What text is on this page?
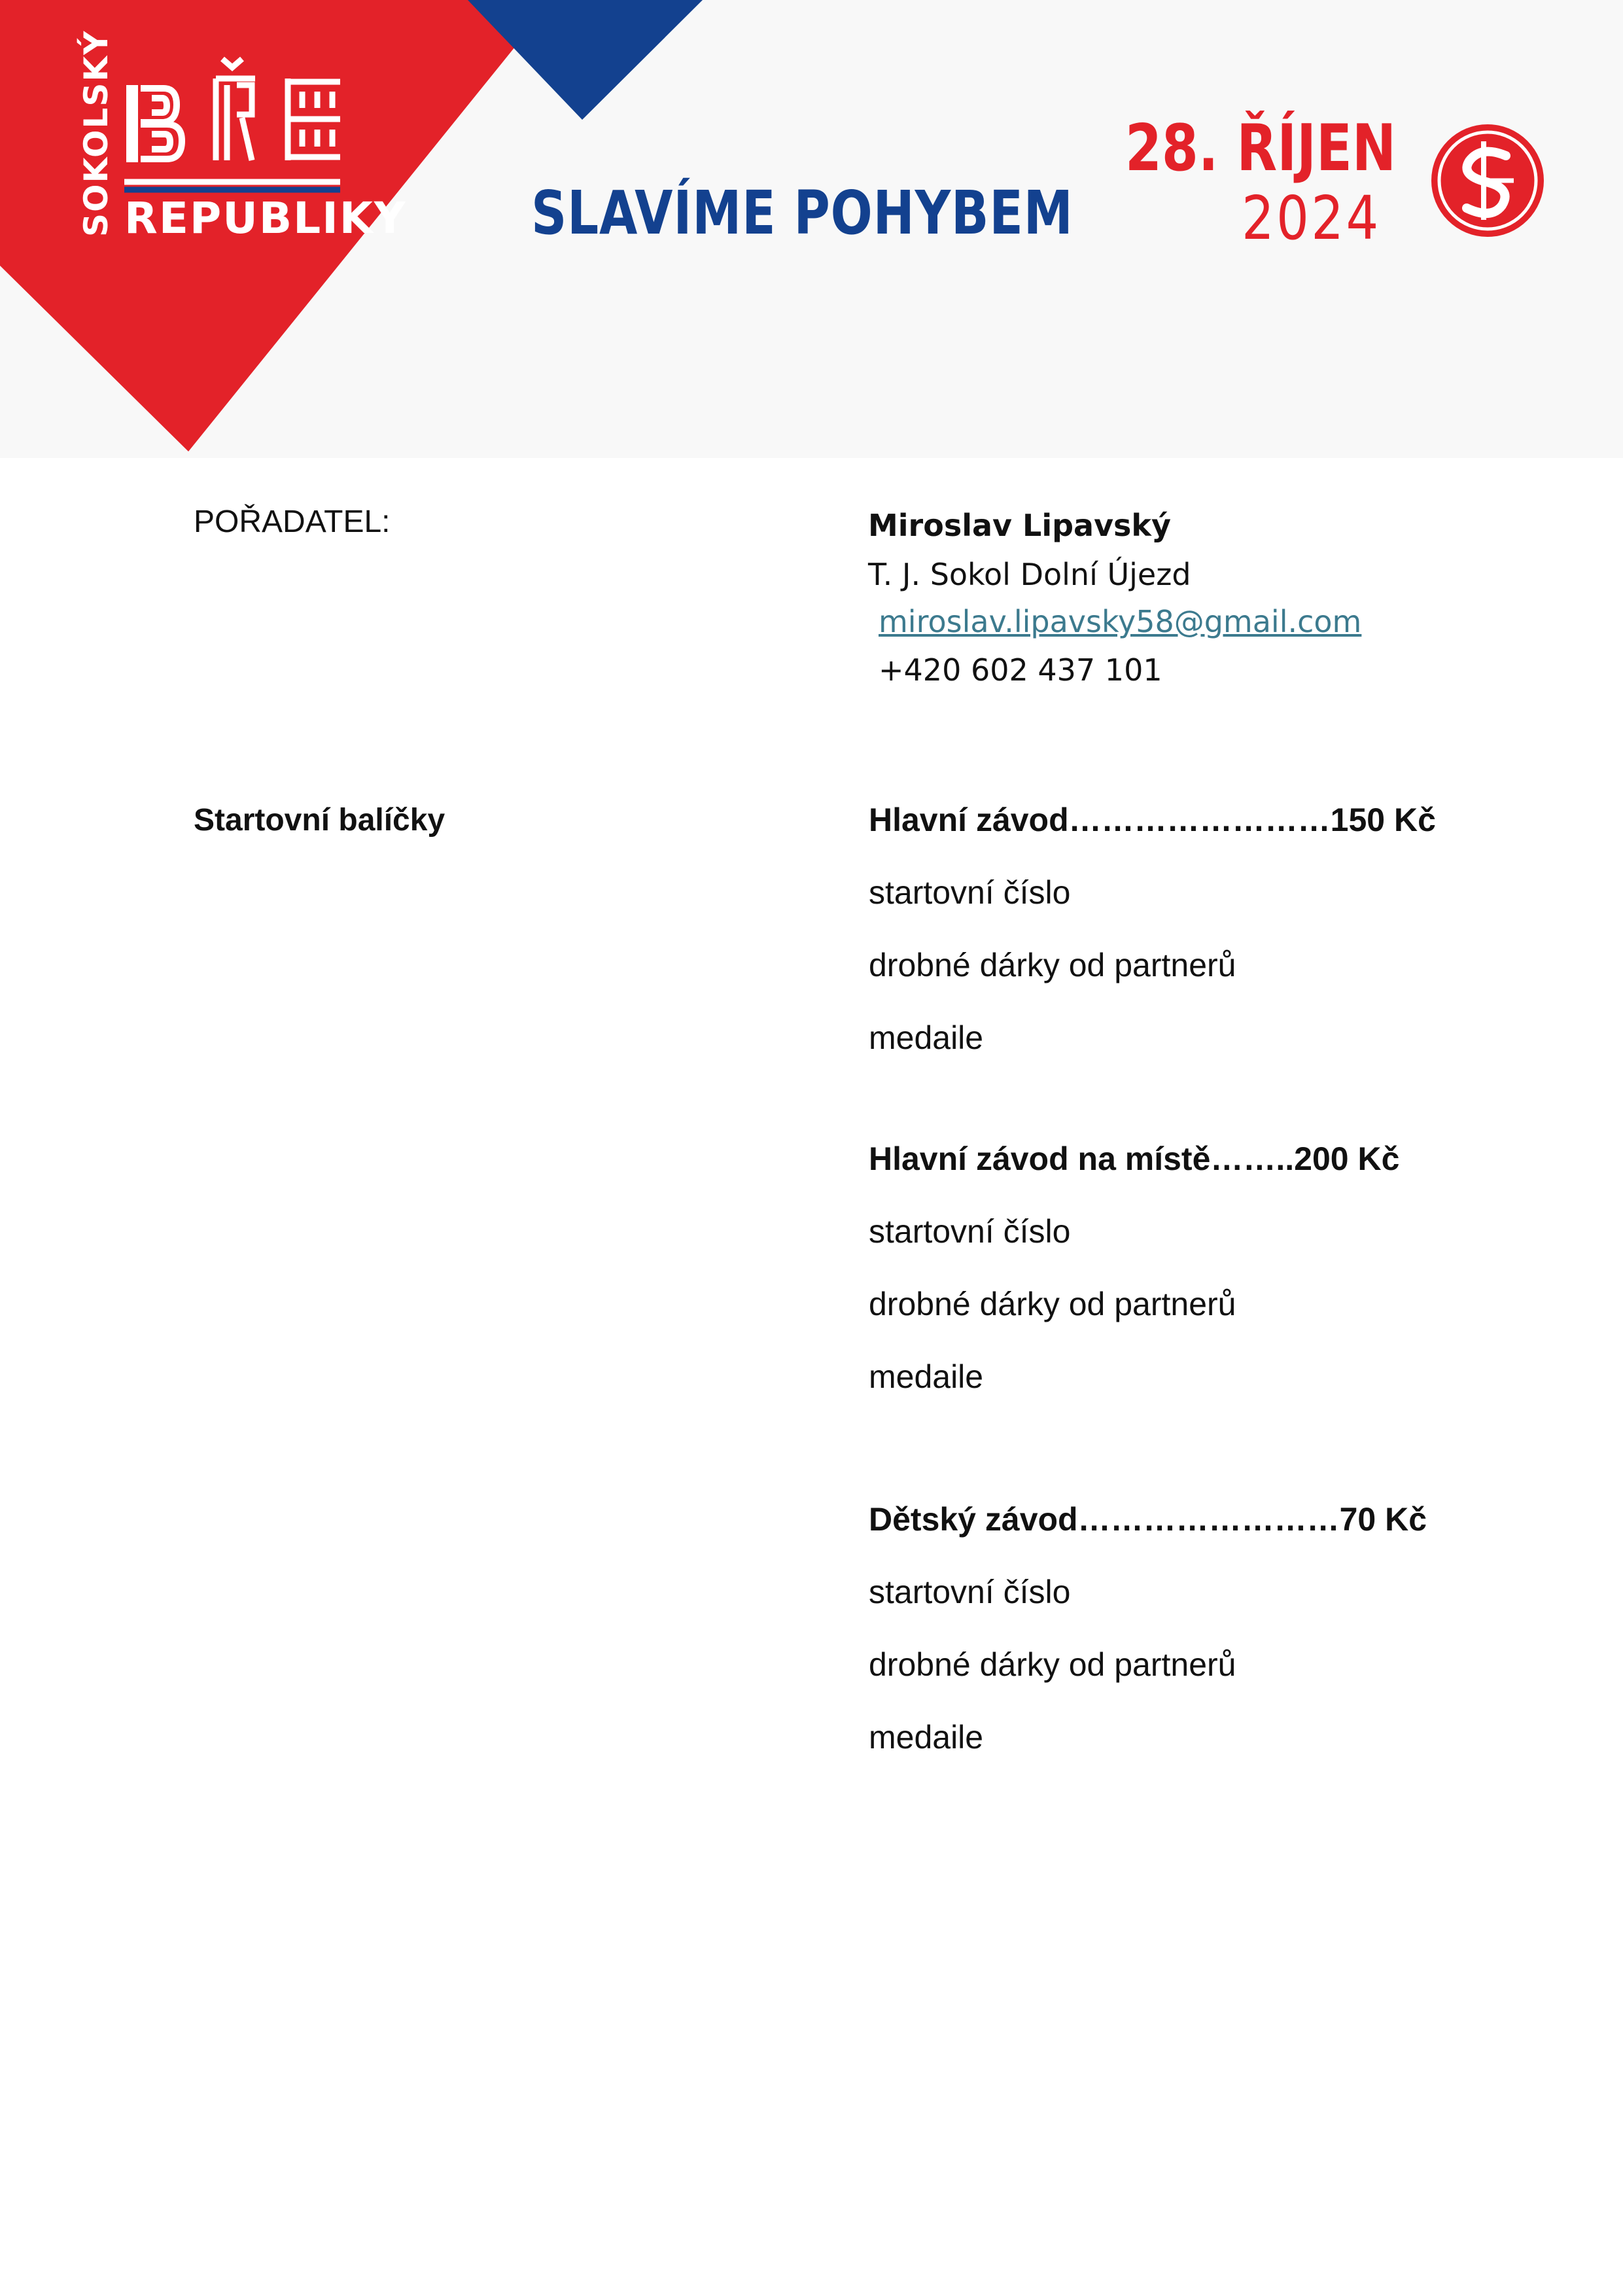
SOKOLSKÝ REPUBLIKY SLAVÍME POHYBEM
28. ŘÍJEN
2024
POŘADATEL:	Miroslav Lipavský
T. J. Sokol Dolní Újezd
miroslav.lipavsky58@gmail.com
+420 602 437 101
Startovní balíčky	Hlavní závod……………………150 Kč
startovní číslo
drobné dárky od partnerů
medaile
Hlavní závod na místě……..200 Kč
startovní číslo
drobné dárky od partnerů
medaile
Dětský závod……………………70 Kč
startovní číslo
drobné dárky od partnerů
medaile
